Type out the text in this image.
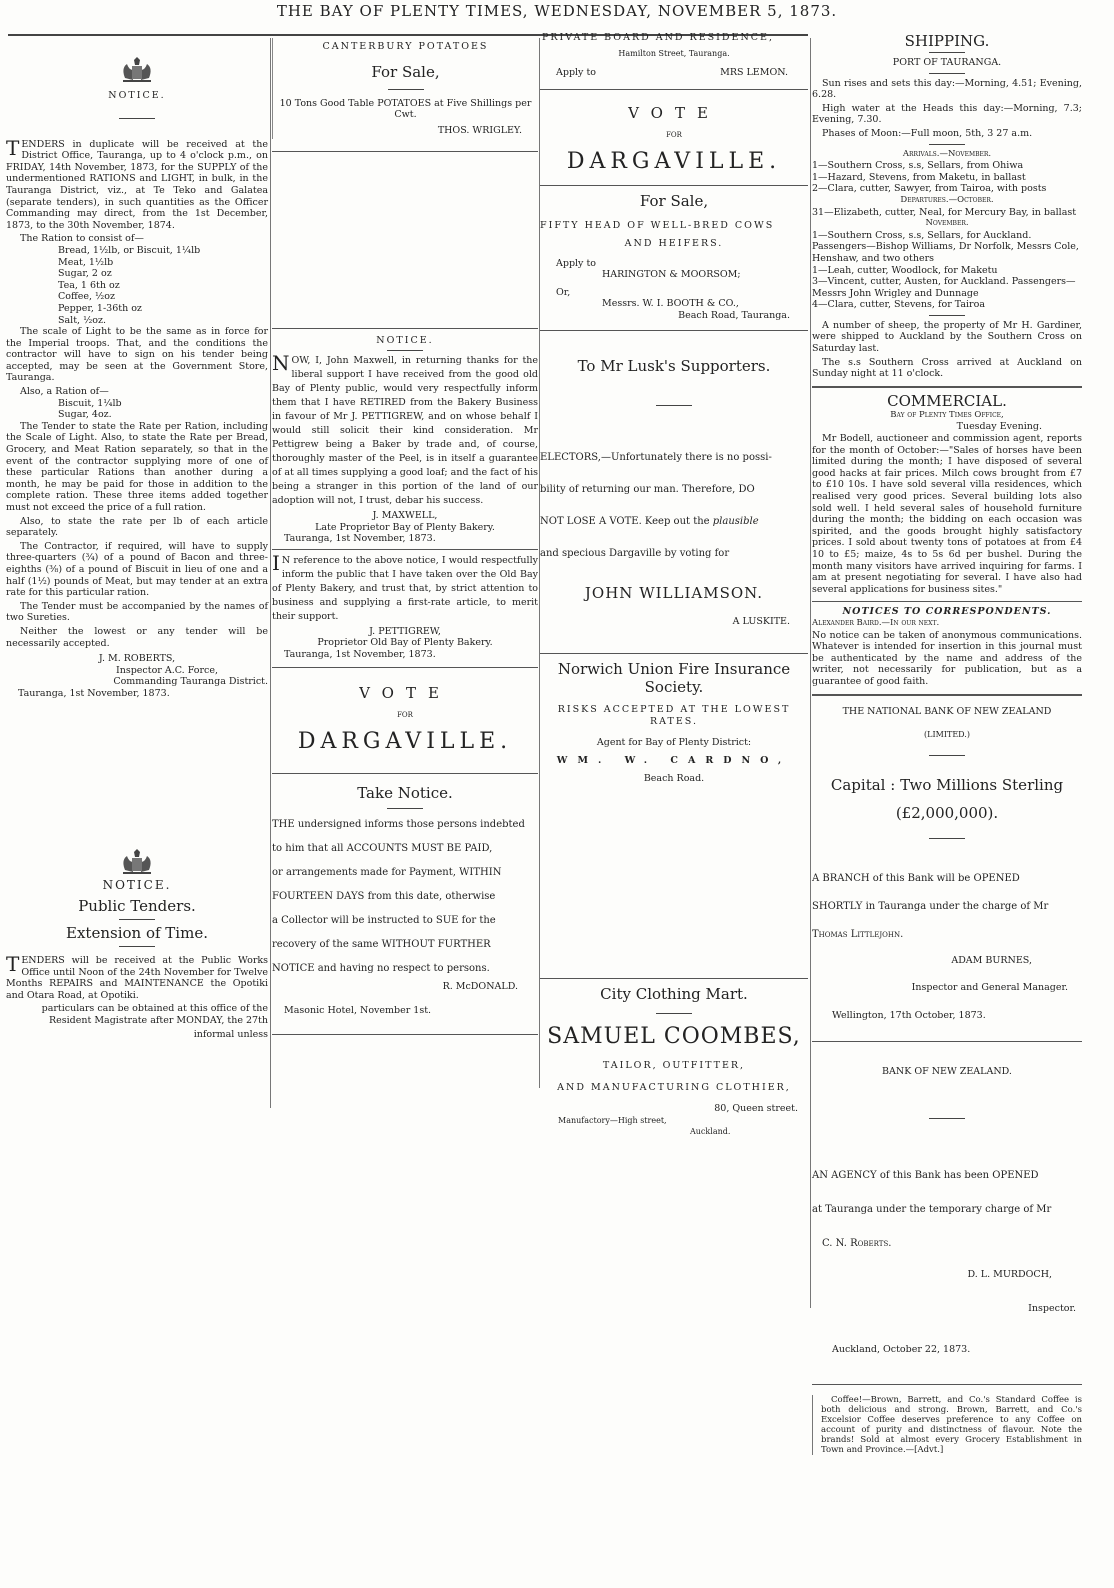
THE BAY OF PLENTY TIMES, WEDNESDAY, NOVEMBER 5, 1873.
NOTICE.

TENDERS in duplicate will be received at the District Office, Tauranga, up to 4 o'clock p.m., on FRIDAY, 14th November, 1873, for the SUPPLY of the undermentioned RATIONS and LIGHT, in bulk, in the Tauranga District, viz., at Te Teko and Galatea (separate tenders), in such quantities as the Officer Commanding may direct, from the 1st December, 1873, to the 30th November, 1874.

The Ration to consist of—
Bread, 1½lb, or Biscuit, 1¼lb
Meat, 1½lb
Sugar, 2 oz
Tea, 1 6th oz
Coffee, ½oz
Pepper, 1-36th oz
Salt, ½oz.

The scale of Light to be the same as in force for the Imperial troops. That, and the conditions the contractor will have to sign on his tender being accepted, may be seen at the Government Store, Tauranga.

Also, a Ration of—
Biscuit, 1¼lb
Sugar, 4oz.

The Tender to state the Rate per Ration, including the Scale of Light. Also, to state the Rate per Bread, Grocery, and Meat Ration separately, so that in the event of the contractor supplying more of one of these particular Rations than another during a month, he may be paid for those in addition to the complete ration. These three items added together must not exceed the price of a full ration.

Also, to state the rate per lb of each article separately.

The Contractor, if required, will have to supply three-quarters (¾) of a pound of Bacon and three-eighths (⅜) of a pound of Biscuit in lieu of one and a half (1½) pounds of Meat, but may tender at an extra rate for this particular ration.

The Tender must be accompanied by the names of two Sureties.

Neither the lowest or any tender will be necessarily accepted.

J. M. ROBERTS,
Inspector A.C. Force,
Commanding Tauranga District.
Tauranga, 1st November, 1873.
NOTICE.
Public Tenders.
Extension of Time.

TENDERS will be received at the Public Works Office until Noon of the 24th November for Twelve Months REPAIRS and MAINTENANCE the Opotiki and Otara Road, at Opotiki.

particulars can be obtained at this office of the Resident Magistrate after MONDAY, the 27th

informal unless

CANTERBURY POTATOES
For Sale,
10 Tons Good Table POTATOES at Five Shillings per Cwt.
THOS. WRIGLEY.
NOTICE.

NOW, I, John Maxwell, in returning thanks for the liberal support I have received from the good old Bay of Plenty public, would very respectfully inform them that I have RETIRED from the Bakery Business in favour of Mr J. PETTIGREW, and on whose behalf I would still solicit their kind consideration. Mr Pettigrew being a Baker by trade and, of course, thoroughly master of the Peel, is in itself a guarantee of at all times supplying a good loaf; and the fact of his being a stranger in this portion of the land of our adoption will not, I trust, debar his success.

J. MAXWELL,
Late Proprietor Bay of Plenty Bakery.
Tauranga, 1st November, 1873.

IN reference to the above notice, I would respectfully inform the public that I have taken over the Old Bay of Plenty Bakery, and trust that, by strict attention to business and supplying a first-rate article, to merit their support.

J. PETTIGREW,
Proprietor Old Bay of Plenty Bakery.
Tauranga, 1st November, 1873.
VOTE
FOR
DARGAVILLE.
Take Notice.
THE undersigned informs those persons indebted
to him that all ACCOUNTS MUST BE PAID,
or arrangements made for Payment, WITHIN
FOURTEEN DAYS from this date, otherwise
a Collector will be instructed to SUE for the
recovery of the same WITHOUT FURTHER
NOTICE and having no respect to persons.
R. McDONALD.
Masonic Hotel, November 1st.
PRIVATE BOARD AND RESIDENCE,
Hamilton Street, Tauranga.
Apply to	MRS LEMON.
VOTE
FOR
DARGAVILLE.
For Sale,
FIFTY HEAD OF WELL-BRED COWS
AND HEIFERS.
Apply to
HARINGTON & MOORSOM;
Or,
Messrs. W. I. BOOTH & CO.,
Beach Road, Tauranga.
To Mr Lusk's Supporters.
ELECTORS,—Unfortunately there is no possi-
bility of returning our man. Therefore, DO
NOT LOSE A VOTE. Keep out the plausible
and specious Dargaville by voting for
JOHN WILLIAMSON.
A LUSKITE.
Norwich Union Fire Insurance Society.
RISKS ACCEPTED AT THE LOWEST RATES.
Agent for Bay of Plenty District:
WM. W. CARDNO,
Beach Road.
City Clothing Mart.
SAMUEL COOMBES,
TAILOR, OUTFITTER,
AND MANUFACTURING CLOTHIER,
80, Queen street.
Manufactory—High street,
Auckland.
SHIPPING.
PORT OF TAURANGA.

Sun rises and sets this day:—Morning, 4.51; Evening, 6.28.

High water at the Heads this day:—Morning, 7.3; Evening, 7.30.

Phases of Moon:—Full moon, 5th, 3 27 a.m.

Arrivals.—November.
1—Southern Cross, s.s, Sellars, from Ohiwa
1—Hazard, Stevens, from Maketu, in ballast
2—Clara, cutter, Sawyer, from Tairoa, with posts
Departures.—October.
31—Elizabeth, cutter, Neal, for Mercury Bay, in ballast
November.
1—Southern Cross, s.s, Sellars, for Auckland. Passengers—Bishop Williams, Dr Norfolk, Messrs Cole, Henshaw, and two others
1—Leah, cutter, Woodlock, for Maketu
3—Vincent, cutter, Austen, for Auckland. Passengers—Messrs John Wrigley and Dunnage
4—Clara, cutter, Stevens, for Tairoa

A number of sheep, the property of Mr H. Gardiner, were shipped to Auckland by the Southern Cross on Saturday last.

The s.s Southern Cross arrived at Auckland on Sunday night at 11 o'clock.

COMMERCIAL.
Bay of Plenty Times Office,
Tuesday Evening.

Mr Bodell, auctioneer and commission agent, reports for the month of October:—"Sales of horses have been limited during the month; I have disposed of several good hacks at fair prices. Milch cows brought from £7 to £10 10s. I have sold several villa residences, which realised very good prices. Several building lots also sold well. I held several sales of household furniture during the month; the bidding on each occasion was spirited, and the goods brought highly satisfactory prices. I sold about twenty tons of potatoes at from £4 10 to £5; maize, 4s to 5s 6d per bushel. During the month many visitors have arrived inquiring for farms. I am at present negotiating for several. I have also had several applications for business sites."

NOTICES TO CORRESPONDENTS.
Alexander Baird.—In our next.

No notice can be taken of anonymous communications. Whatever is intended for insertion in this journal must be authenticated by the name and address of the writer, not necessarily for publication, but as a guarantee of good faith.

THE NATIONAL BANK OF NEW ZEALAND
(LIMITED.)
Capital : Two Millions Sterling
(£2,000,000).
A BRANCH of this Bank will be OPENED
SHORTLY in Tauranga under the charge of Mr
Thomas Littlejohn.
ADAM BURNES,
Inspector and General Manager.
Wellington, 17th October, 1873.
BANK OF NEW ZEALAND.
AN AGENCY of this Bank has been OPENED
at Tauranga under the temporary charge of Mr
C. N. Roberts.
D. L. MURDOCH,
Inspector.
Auckland, October 22, 1873.

Coffee!—Brown, Barrett, and Co.'s Standard Coffee is both delicious and strong. Brown, Barrett, and Co.'s Excelsior Coffee deserves preference to any Coffee on account of purity and distinctness of flavour. Note the brands! Sold at almost every Grocery Establishment in Town and Province.—[Advt.]
